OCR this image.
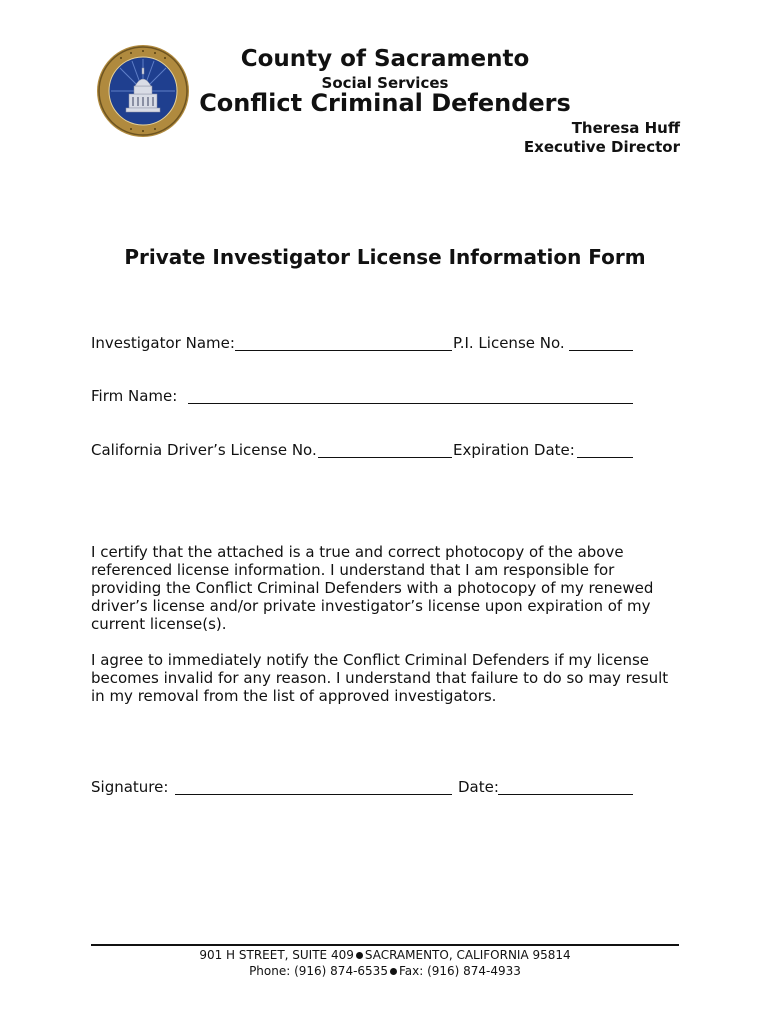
County of Sacramento
Social Services
Conflict Criminal Defenders
Theresa Huff
Executive Director
Private Investigator License Information Form
Investigator Name:	P.I. License No.
Firm Name:
California Driver’s License No.	Expiration Date:
I certify that the attached is a true and correct photocopy of the above
referenced license information. I understand that I am responsible for
providing the Conflict Criminal Defenders with a photocopy of my renewed
driver’s license and/or private investigator’s license upon expiration of my
current license(s).
I agree to immediately notify the Conflict Criminal Defenders if my license
becomes invalid for any reason. I understand that failure to do so may result
in my removal from the list of approved investigators.
Signature:	Date:
901 H STREET, SUITE 409 SACRAMENTO, CALIFORNIA 95814
Phone: (916) 874-6535 Fax: (916) 874-4933
